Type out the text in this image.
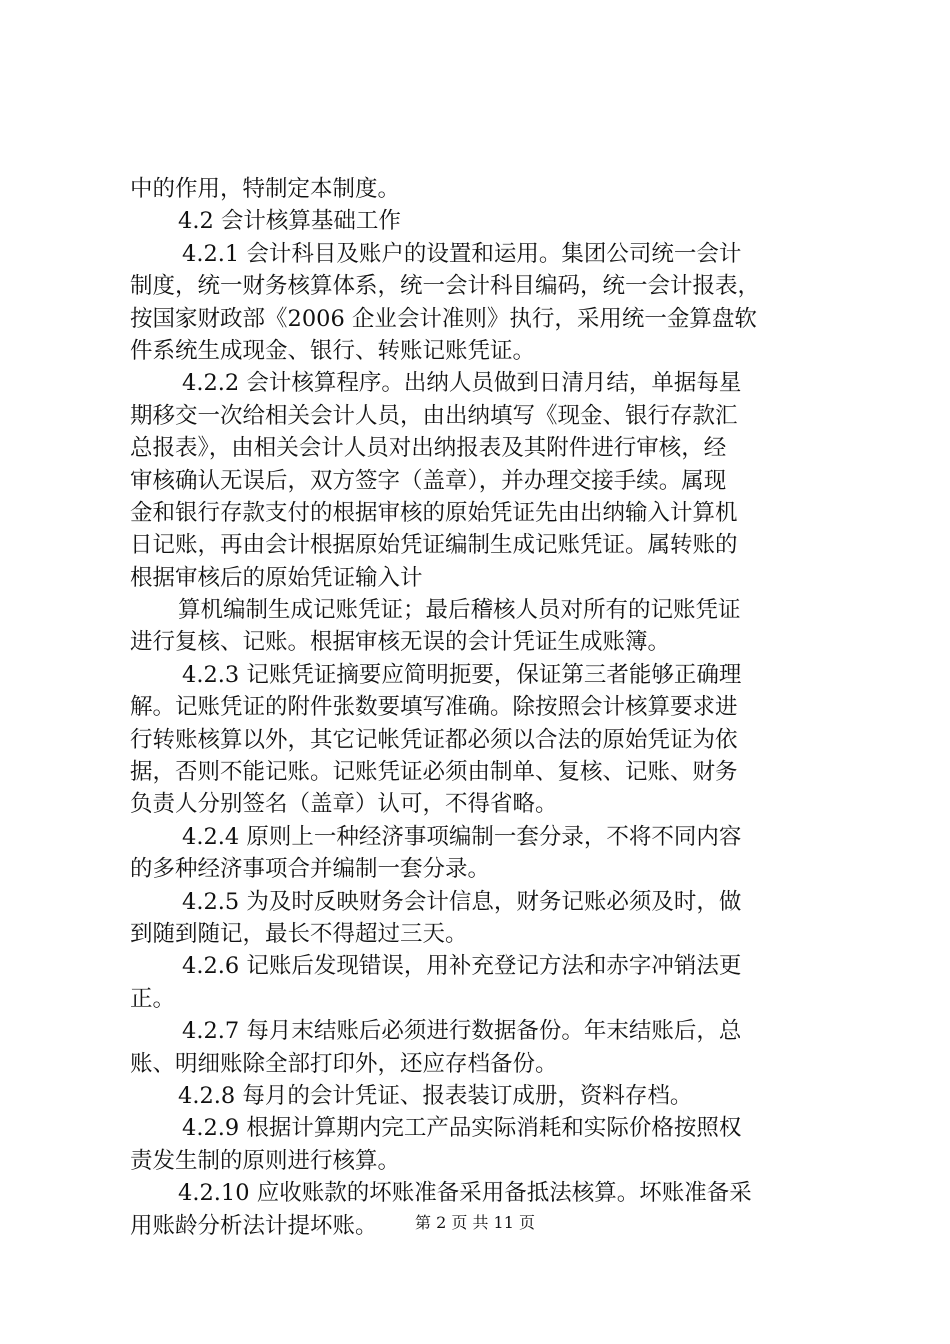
中的作用，特制定本制度。
4.2 会计核算基础工作
4.2.1 会计科目及账户的设置和运用。集团公司统一会计
制度，统一财务核算体系，统一会计科目编码，统一会计报表，
按国家财政部《2006 企业会计准则》执行，采用统一金算盘软
件系统生成现金、银行、转账记账凭证。
4.2.2 会计核算程序。出纳人员做到日清月结，单据每星
期移交一次给相关会计人员，由出纳填写《现金、银行存款汇
总报表》，由相关会计人员对出纳报表及其附件进行审核，经
审核确认无误后，双方签字（盖章），并办理交接手续。属现
金和银行存款支付的根据审核的原始凭证先由出纳输入计算机
日记账，再由会计根据原始凭证编制生成记账凭证。属转账的
根据审核后的原始凭证输入计
算机编制生成记账凭证；最后稽核人员对所有的记账凭证
进行复核、记账。根据审核无误的会计凭证生成账簿。
4.2.3 记账凭证摘要应简明扼要，保证第三者能够正确理
解。记账凭证的附件张数要填写准确。除按照会计核算要求进
行转账核算以外，其它记帐凭证都必须以合法的原始凭证为依
据，否则不能记账。记账凭证必须由制单、复核、记账、财务
负责人分别签名（盖章）认可，不得省略。
4.2.4 原则上一种经济事项编制一套分录，不将不同内容
的多种经济事项合并编制一套分录。
4.2.5 为及时反映财务会计信息，财务记账必须及时，做
到随到随记，最长不得超过三天。
4.2.6 记账后发现错误，用补充登记方法和赤字冲销法更
正。
4.2.7 每月末结账后必须进行数据备份。年末结账后，总
账、明细账除全部打印外，还应存档备份。
4.2.8 每月的会计凭证、报表装订成册，资料存档。
4.2.9 根据计算期内完工产品实际消耗和实际价格按照权
责发生制的原则进行核算。
4.2.10 应收账款的坏账准备采用备抵法核算。坏账准备采
用账龄分析法计提坏账。	第 2 页 共 11 页
